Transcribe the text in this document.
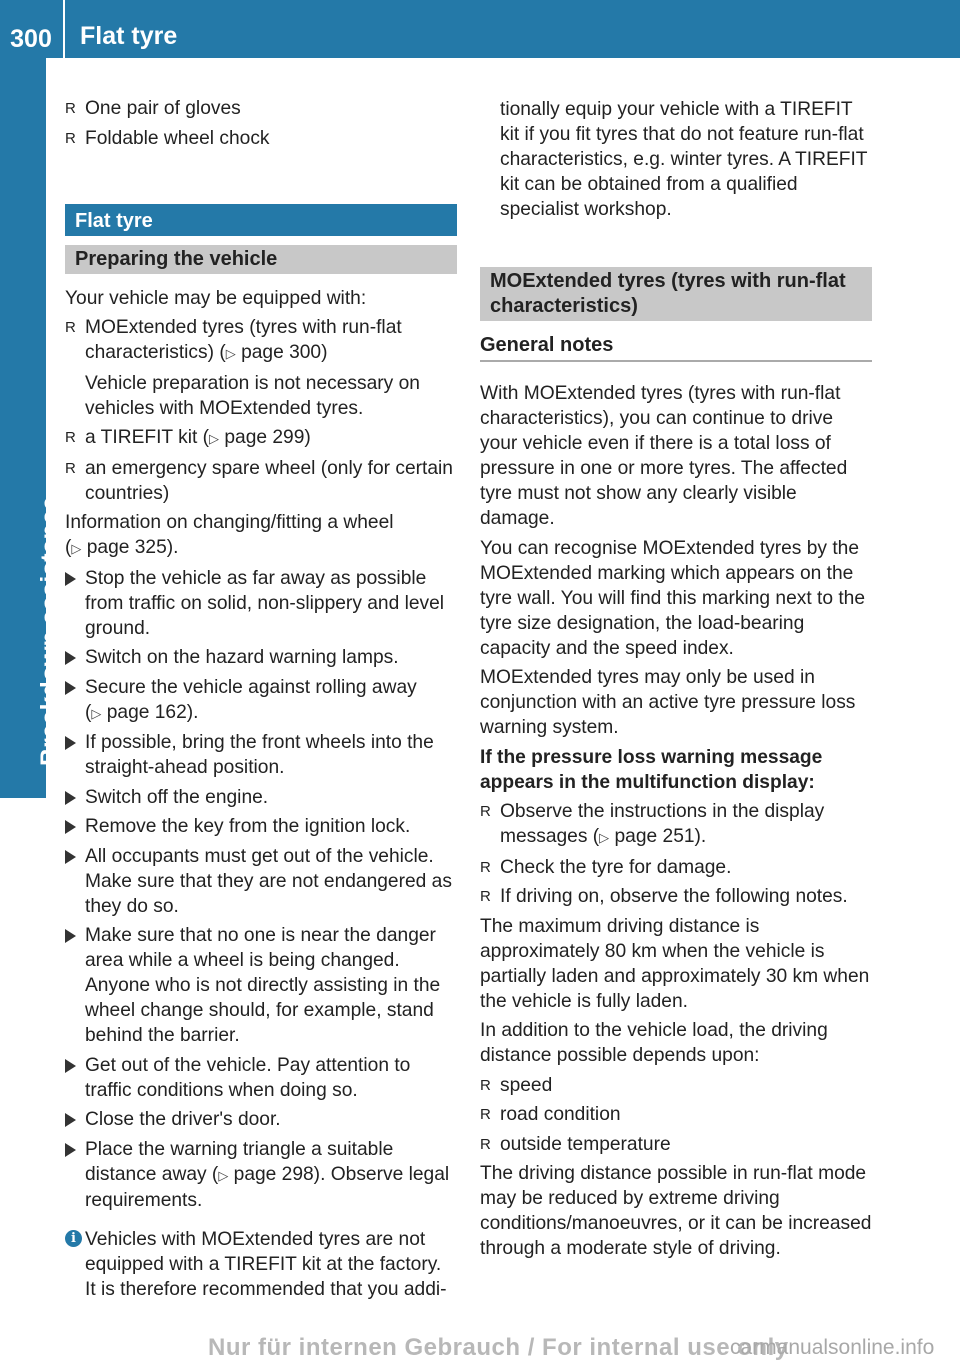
300	Flat tyre
Breakdown assistance
R One pair of gloves
R Foldable wheel chock
Flat tyre
Preparing the vehicle

Your vehicle may be equipped with:

R MOExtended tyres (tyres with run-flat characteristics) (▷ page 300)
Vehicle preparation is not necessary on vehicles with MOExtended tyres.
R a TIREFIT kit (▷ page 299)
R an emergency spare wheel (only for certain countries)

Information on changing/fitting a wheel
(▷ page 325).

Stop the vehicle as far away as possible from traffic on solid, non-slippery and level ground.
Switch on the hazard warning lamps.
Secure the vehicle against rolling away
(▷ page 162).
If possible, bring the front wheels into the straight-ahead position.
Switch off the engine.
Remove the key from the ignition lock.
All occupants must get out of the vehicle. Make sure that they are not endangered as they do so.
Make sure that no one is near the danger area while a wheel is being changed. Anyone who is not directly assisting in the wheel change should, for example, stand behind the barrier.
Get out of the vehicle. Pay attention to traffic conditions when doing so.
Close the driver's door.
Place the warning triangle a suitable distance away (▷ page 298). Observe legal requirements.
i Vehicles with MOExtended tyres are not equipped with a TIREFIT kit at the factory. It is therefore recommended that you addi-

tionally equip your vehicle with a TIREFIT kit if you fit tyres that do not feature run-flat characteristics, e.g. winter tyres. A TIREFIT kit can be obtained from a qualified specialist workshop.

MOExtended tyres (tyres with run-flat characteristics)
General notes

With MOExtended tyres (tyres with run-flat characteristics), you can continue to drive your vehicle even if there is a total loss of pressure in one or more tyres. The affected tyre must not show any clearly visible damage.

You can recognise MOExtended tyres by the MOExtended marking which appears on the tyre wall. You will find this marking next to the tyre size designation, the load-bearing capacity and the speed index.

MOExtended tyres may only be used in conjunction with an active tyre pressure loss warning system.

If the pressure loss warning message appears in the multifunction display:

R Observe the instructions in the display messages (▷ page 251).
R Check the tyre for damage.
R If driving on, observe the following notes.

The maximum driving distance is approximately 80 km when the vehicle is partially laden and approximately 30 km when the vehicle is fully laden.

In addition to the vehicle load, the driving distance possible depends upon:

R speed
R road condition
R outside temperature

The driving distance possible in run-flat mode may be reduced by extreme driving conditions/manoeuvres, or it can be increased through a moderate style of driving.

Nur für internen Gebrauch / For internal use only
carmanualsonline.info
